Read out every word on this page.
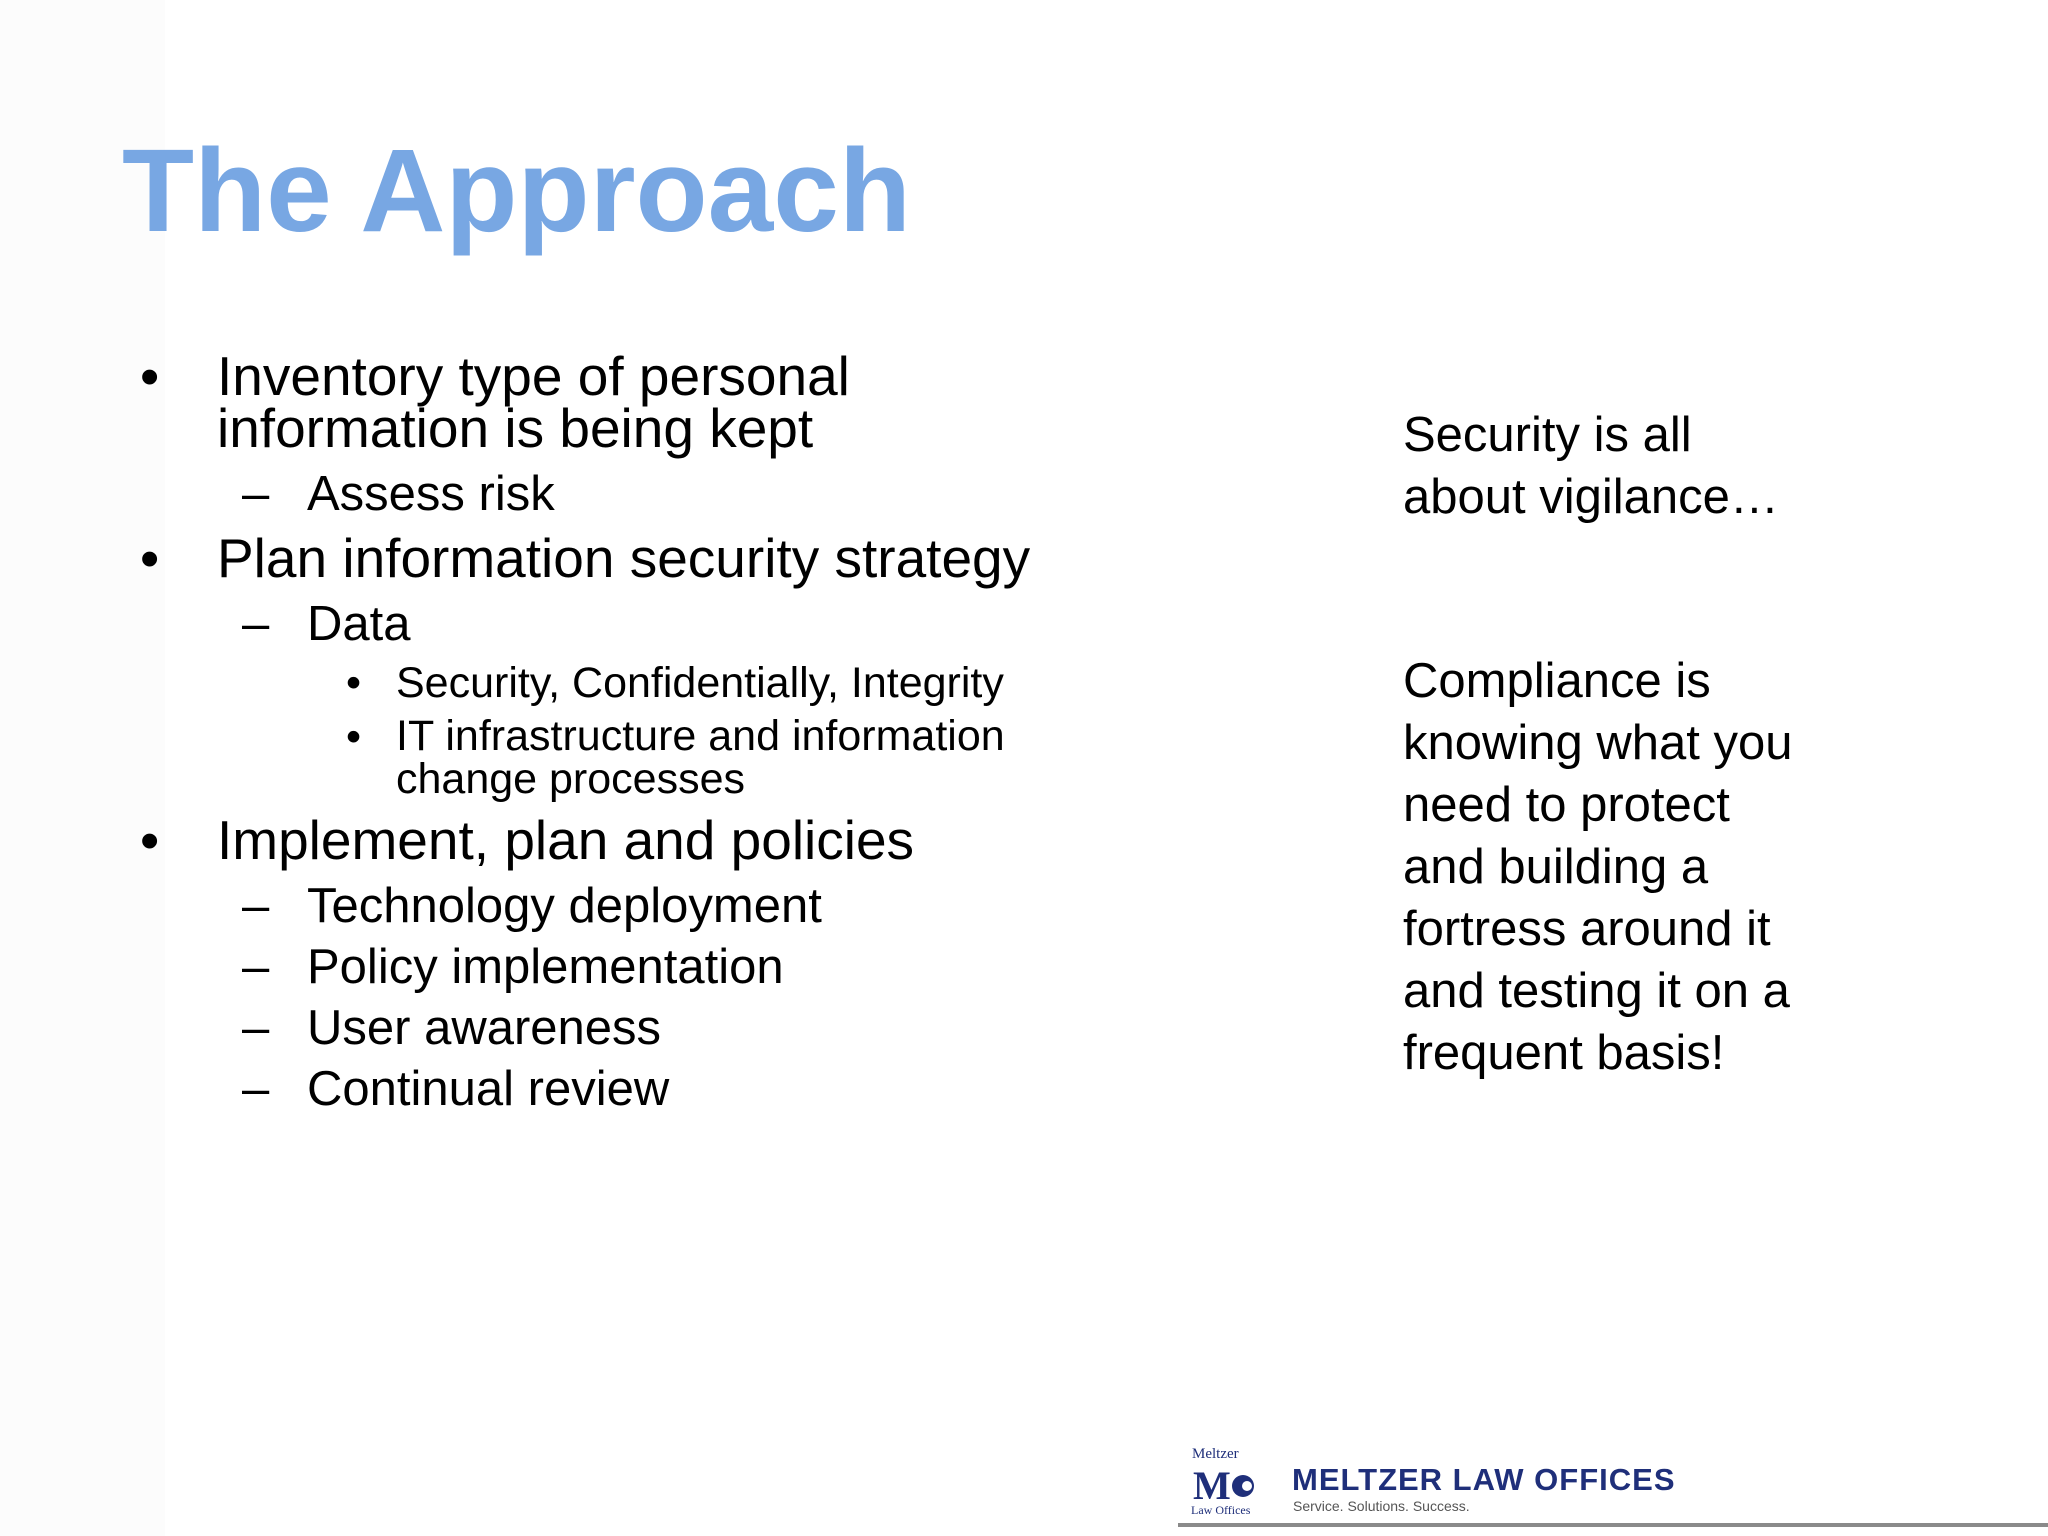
The Approach
• Inventory type of personal
information is being kept
– Assess risk
• Plan information security strategy
– Data
• Security, Confidentially, Integrity
• IT infrastructure and information
change processes
• Implement, plan and policies
– Technology deployment
– Policy implementation
– User awareness
– Continual review
Security is all
about vigilance…
Compliance is
knowing what you
need to protect
and building a
fortress around it
and testing it on a
frequent basis!
Meltzer
M
Law Offices
MELTZER LAW OFFICES
Service. Solutions. Success.
